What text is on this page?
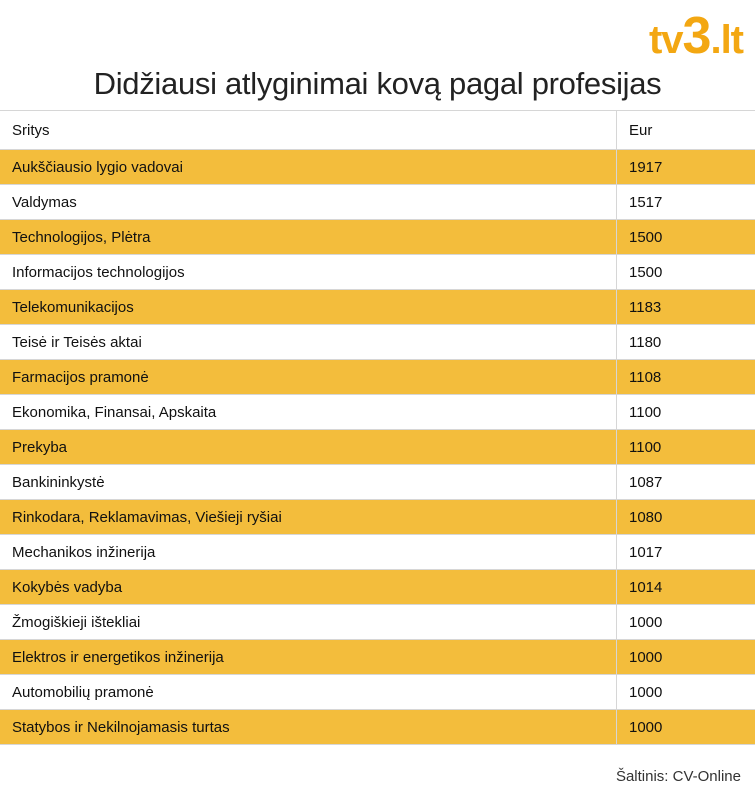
tv3.lt
Didžiausi atlyginimai kovą pagal profesijas
Sritys	Eur
Aukščiausio lygio vadovai	1917
Valdymas	1517
Technologijos, Plėtra	1500
Informacijos technologijos	1500
Telekomunikacijos	1183
Teisė ir Teisės aktai	1180
Farmacijos pramonė	1108
Ekonomika, Finansai, Apskaita	1100
Prekyba	1100
Bankininkystė	1087
Rinkodara, Reklamavimas, Viešieji ryšiai	1080
Mechanikos inžinerija	1017
Kokybės vadyba	1014
Žmogiškieji ištekliai	1000
Elektros ir energetikos inžinerija	1000
Automobilių pramonė	1000
Statybos ir Nekilnojamasis turtas	1000
Šaltinis: CV-Online
